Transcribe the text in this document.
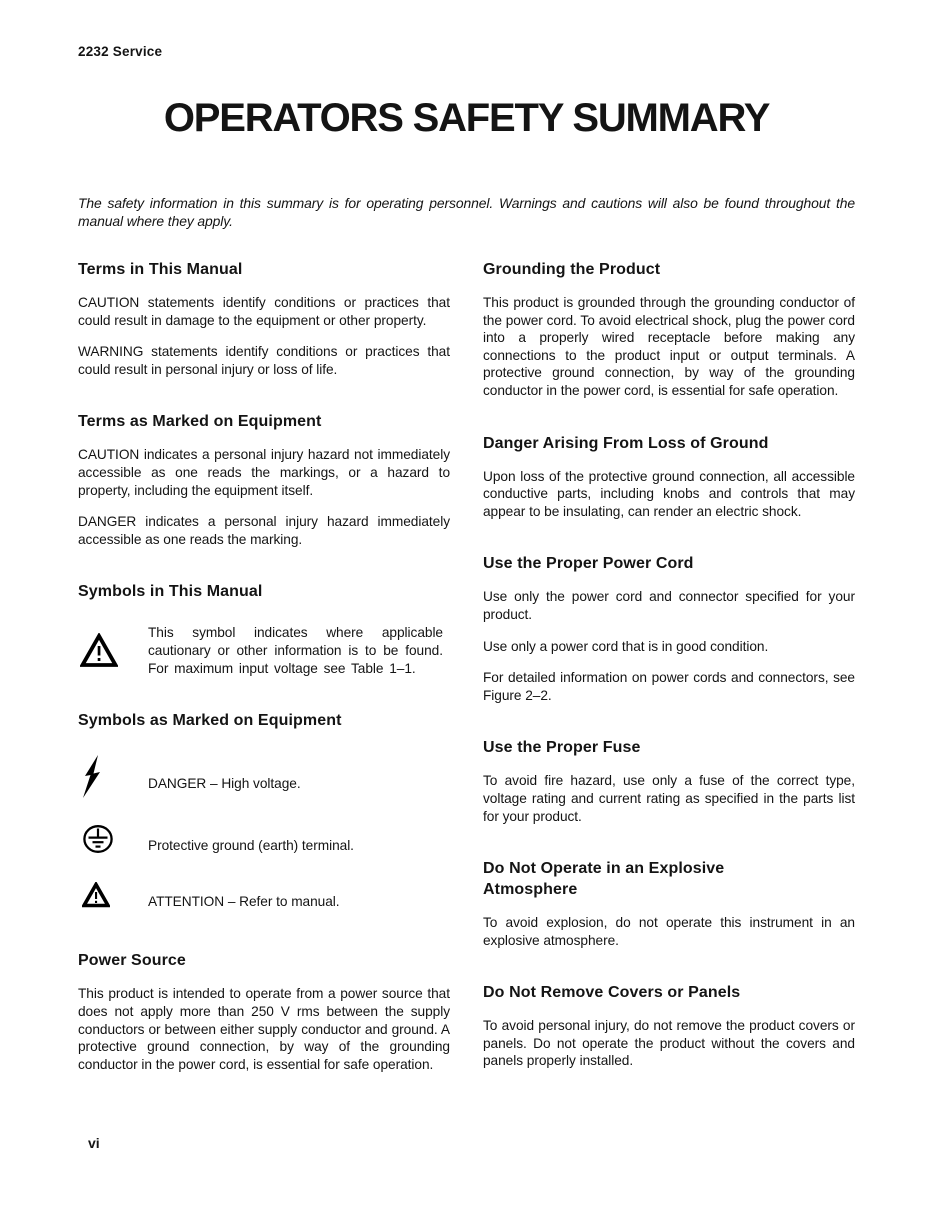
2232 Service
OPERATORS SAFETY SUMMARY

The safety information in this summary is for operating personnel. Warnings and cautions will also be found throughout the manual where they apply.

Terms in This Manual

CAUTION statements identify conditions or practices that could result in damage to the equipment or other property.

WARNING statements identify conditions or practices that could result in personal injury or loss of life.

Terms as Marked on Equipment

CAUTION indicates a personal injury hazard not immediately accessible as one reads the markings, or a hazard to property, including the equipment itself.

DANGER indicates a personal injury hazard immediately accessible as one reads the marking.

Symbols in This Manual

This symbol indicates where applicable cautionary or other information is to be found. For maximum input voltage see Table 1–1.

Symbols as Marked on Equipment

DANGER – High voltage.

Protective ground (earth) terminal.

ATTENTION – Refer to manual.

Power Source

This product is intended to operate from a power source that does not apply more than 250 V rms between the supply conductors or between either supply conductor and ground. A protective ground connection, by way of the grounding conductor in the power cord, is essential for safe operation.

Grounding the Product

This product is grounded through the grounding conductor of the power cord. To avoid electrical shock, plug the power cord into a properly wired receptacle before making any connections to the product input or output terminals. A protective ground connection, by way of the grounding conductor in the power cord, is essential for safe operation.

Danger Arising From Loss of Ground

Upon loss of the protective ground connection, all accessible conductive parts, including knobs and controls that may appear to be insulating, can render an electric shock.

Use the Proper Power Cord

Use only the power cord and connector specified for your product.

Use only a power cord that is in good condition.

For detailed information on power cords and connectors, see Figure 2–2.

Use the Proper Fuse

To avoid fire hazard, use only a fuse of the correct type, voltage rating and current rating as specified in the parts list for your product.

Do Not Operate in an Explosive Atmosphere

To avoid explosion, do not operate this instrument in an explosive atmosphere.

Do Not Remove Covers or Panels

To avoid personal injury, do not remove the product covers or panels. Do not operate the product without the covers and panels properly installed.

vi
